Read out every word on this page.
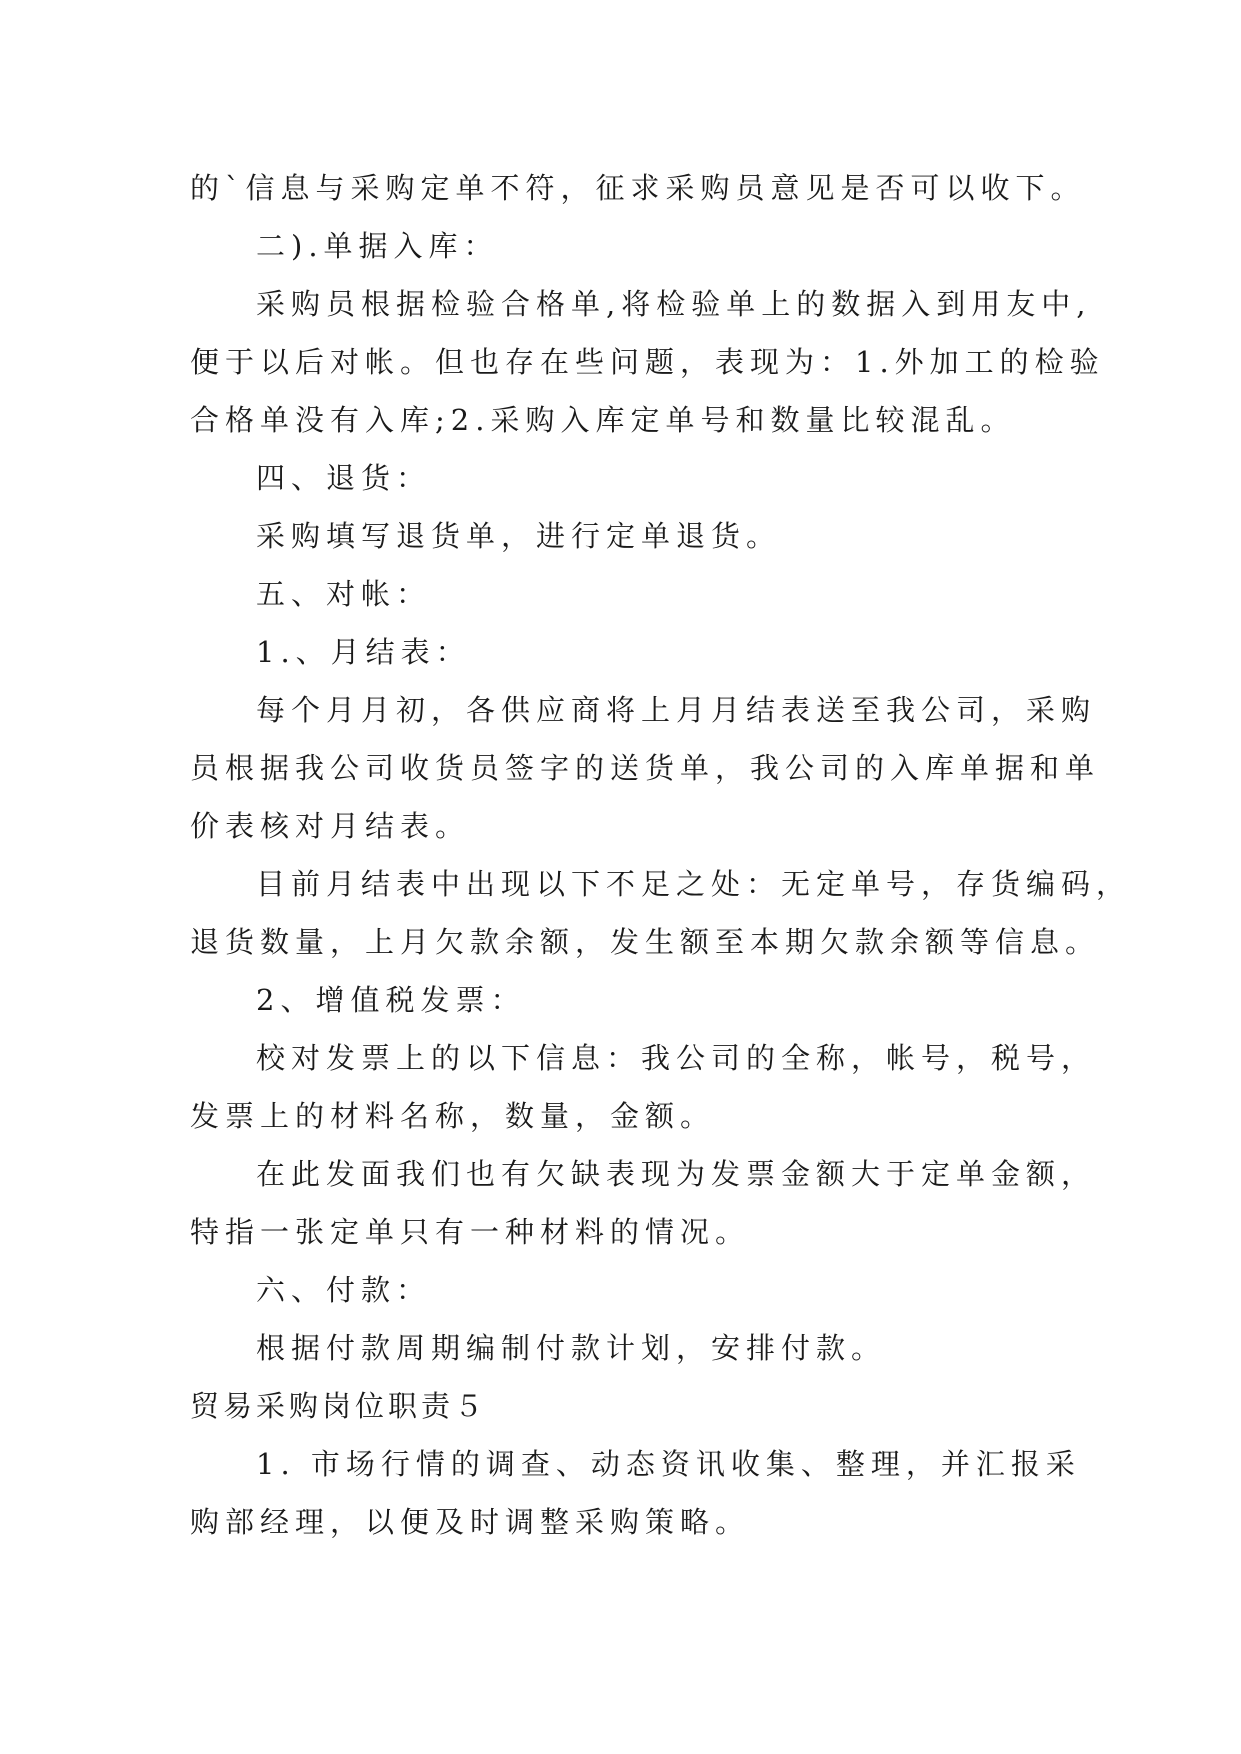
的`信息与采购定单不符，征求采购员意见是否可以收下。
二).单据入库：
采购员根据检验合格单,将检验单上的数据入到用友中,
便于以后对帐。但也存在些问题，表现为：1.外加工的检验
合格单没有入库;2.采购入库定单号和数量比较混乱。
四、退货：
采购填写退货单，进行定单退货。
五、对帐：
1.、月结表：
每个月月初，各供应商将上月月结表送至我公司，采购
员根据我公司收货员签字的送货单，我公司的入库单据和单
价表核对月结表。
目前月结表中出现以下不足之处：无定单号，存货编码，
退货数量，上月欠款余额，发生额至本期欠款余额等信息。
2、增值税发票：
校对发票上的以下信息：我公司的全称，帐号，税号，
发票上的材料名称，数量，金额。
在此发面我们也有欠缺表现为发票金额大于定单金额，
特指一张定单只有一种材料的情况。
六、付款：
根据付款周期编制付款计划，安排付款。
贸易采购岗位职责５
1. 市场行情的调查、动态资讯收集、整理，并汇报采
购部经理，以便及时调整采购策略。
